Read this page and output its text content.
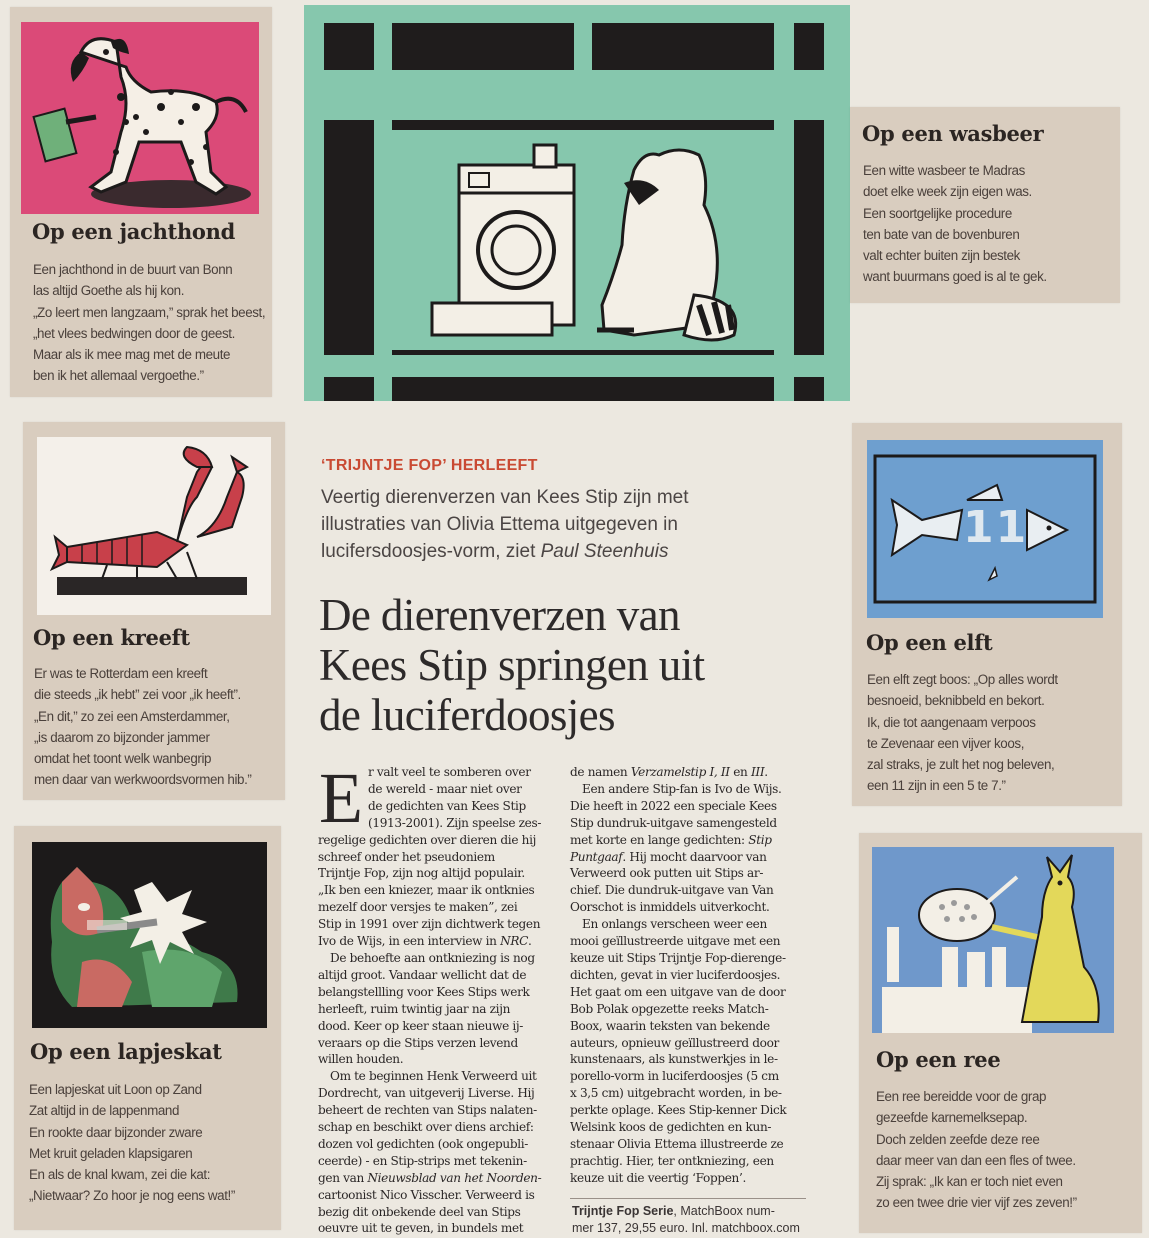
Op een jachthond
Een jachthond in de buurt van Bonn
las altijd Goethe als hij kon.
„Zo leert men langzaam,” sprak het beest,
„het vlees bedwingen door de geest.
Maar als ik mee mag met de meute
ben ik het allemaal vergoethe.”
Op een wasbeer
Een witte wasbeer te Madras
doet elke week zijn eigen was.
Een soortgelijke procedure
ten bate van de bovenburen
valt echter buiten zijn bestek
want buurmans goed is al te gek.
Op een kreeft
Er was te Rotterdam een kreeft
die steeds „ik hebt” zei voor „ik heeft”.
„En dit,” zo zei een Amsterdammer,
„is daarom zo bijzonder jammer
omdat het toont welk wanbegrip
men daar van werkwoordsvormen hib.”
11
Op een elft
Een elft zegt boos: „Op alles wordt
besnoeid, beknibbeld en bekort.
Ik, die tot aangenaam verpoos
te Zevenaar een vijver koos,
zal straks, je zult het nog beleven,
een 11 zijn in een 5 te 7.”
Op een lapjeskat
Een lapjeskat uit Loon op Zand
Zat altijd in de lappenmand
En rookte daar bijzonder zware
Met kruit geladen klapsigaren
En als de knal kwam, zei die kat:
„Nietwaar? Zo hoor je nog eens wat!”
Op een ree
Een ree bereidde voor de grap
gezeefde karnemelksepap.
Doch zelden zeefde deze ree
daar meer van dan een fles of twee.
Zij sprak: „Ik kan er toch niet even
zo een twee drie vier vijf zes zeven!”
‘TRIJNTJE FOP’ HERLEEFT
Veertig dierenverzen van Kees Stip zijn met
illustraties van Olivia Ettema uitgegeven in
lucifersdoosjes-vorm, ziet Paul Steenhuis
De dierenverzen van
Kees Stip springen uit
de luciferdoosjes
E r valt veel te somberen over
de wereld - maar niet over
de gedichten van Kees Stip
(1913-2001). Zijn speelse zes-
regelige gedichten over dieren die hij
schreef onder het pseudoniem
Trijntje Fop, zijn nog altijd populair.
„Ik ben een kniezer, maar ik ontknies
mezelf door versjes te maken”, zei
Stip in 1991 over zijn dichtwerk tegen
Ivo de Wijs, in een interview in NRC.
De behoefte aan ontkniezing is nog
altijd groot. Vandaar wellicht dat de
belangstellling voor Kees Stips werk
herleeft, ruim twintig jaar na zijn
dood. Keer op keer staan nieuwe ij-
veraars op die Stips verzen levend
willen houden.
Om te beginnen Henk Verweerd uit
Dordrecht, van uitgeverij Liverse. Hij
beheert de rechten van Stips nalaten-
schap en beschikt over diens archief:
dozen vol gedichten (ook ongepubli-
ceerde) - en Stip-strips met tekenin-
gen van Nieuwsblad van het Noorden-
cartoonist Nico Visscher. Verweerd is
bezig dit onbekende deel van Stips
oeuvre uit te geven, in bundels met
de namen Verzamelstip I, II en III.
Een andere Stip-fan is Ivo de Wijs.
Die heeft in 2022 een speciale Kees
Stip dundruk-uitgave samengesteld
met korte en lange gedichten: Stip
Puntgaaf. Hij mocht daarvoor van
Verweerd ook putten uit Stips ar-
chief. Die dundruk-uitgave van Van
Oorschot is inmiddels uitverkocht.
En onlangs verscheen weer een
mooi geïllustreerde uitgave met een
keuze uit Stips Trijntje Fop-dierenge-
dichten, gevat in vier luciferdoosjes.
Het gaat om een uitgave van de door
Bob Polak opgezette reeks Match-
Boox, waarin teksten van bekende
auteurs, opnieuw geïllustreerd door
kunstenaars, als kunstwerkjes in le-
porello-vorm in luciferdoosjes (5 cm
x 3,5 cm) uitgebracht worden, in be-
perkte oplage. Kees Stip-kenner Dick
Welsink koos de gedichten en kun-
stenaar Olivia Ettema illustreerde ze
prachtig. Hier, ter ontkniezing, een
keuze uit die veertig ‘Foppen’.
Trijntje Fop Serie, MatchBoox num-
mer 137, 29,55 euro. Inl. matchboox.com
